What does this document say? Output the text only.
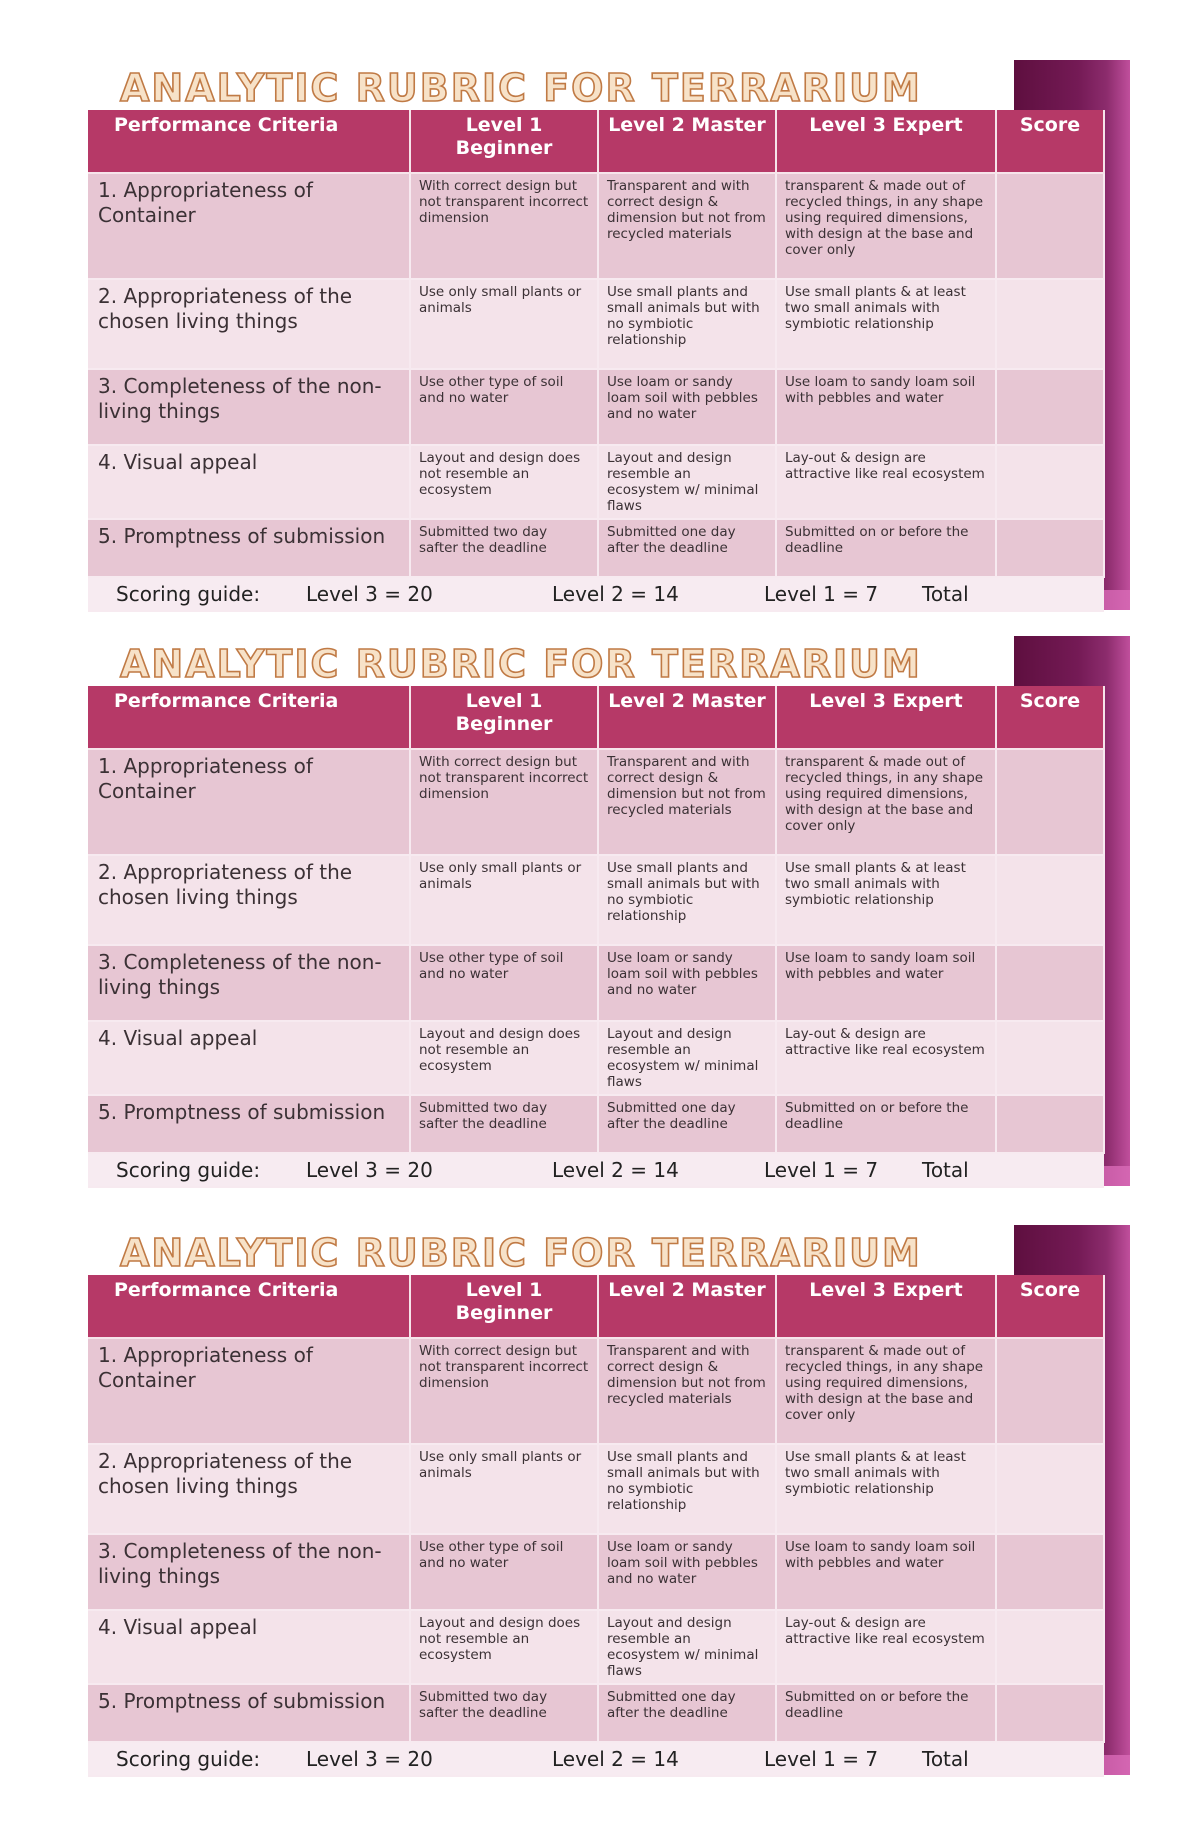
ANALYTIC RUBRIC FOR TERRARIUM
Performance Criteria	Level 1 Beginner	Level 2 Master	Level 3 Expert	Score
1. Appropriateness of Container	With correct design but not transparent incorrect dimension	Transparent and with correct design & dimension but not from recycled materials	transparent & made out of recycled things, in any shape using required dimensions, with design at the base and cover only	
2. Appropriateness of the chosen living things	Use only small plants or animals	Use small plants and small animals but with no symbiotic relationship	Use small plants & at least two small animals with symbiotic relationship	
3. Completeness of the non-living things	Use other type of soil and no water	Use loam or sandy loam soil with pebbles and no water	Use loam to sandy loam soil with pebbles and water	
4. Visual appeal	Layout and design does not resemble an ecosystem	Layout and design resemble an ecosystem w/ minimal flaws	Lay-out & design are attractive like real ecosystem	
5. Promptness of submission	Submitted two day safter the deadline	Submitted one day after the deadline	Submitted on or before the deadline	

Scoring guide: Level 3 = 20 Level 2 = 14 Level 1 = 7 Total				
ANALYTIC RUBRIC FOR TERRARIUM
Performance Criteria	Level 1 Beginner	Level 2 Master	Level 3 Expert	Score
1. Appropriateness of Container	With correct design but not transparent incorrect dimension	Transparent and with correct design & dimension but not from recycled materials	transparent & made out of recycled things, in any shape using required dimensions, with design at the base and cover only	
2. Appropriateness of the chosen living things	Use only small plants or animals	Use small plants and small animals but with no symbiotic relationship	Use small plants & at least two small animals with symbiotic relationship	
3. Completeness of the non-living things	Use other type of soil and no water	Use loam or sandy loam soil with pebbles and no water	Use loam to sandy loam soil with pebbles and water	
4. Visual appeal	Layout and design does not resemble an ecosystem	Layout and design resemble an ecosystem w/ minimal flaws	Lay-out & design are attractive like real ecosystem	
5. Promptness of submission	Submitted two day safter the deadline	Submitted one day after the deadline	Submitted on or before the deadline	

Scoring guide: Level 3 = 20 Level 2 = 14 Level 1 = 7 Total				
ANALYTIC RUBRIC FOR TERRARIUM
Performance Criteria	Level 1 Beginner	Level 2 Master	Level 3 Expert	Score
1. Appropriateness of Container	With correct design but not transparent incorrect dimension	Transparent and with correct design & dimension but not from recycled materials	transparent & made out of recycled things, in any shape using required dimensions, with design at the base and cover only	
2. Appropriateness of the chosen living things	Use only small plants or animals	Use small plants and small animals but with no symbiotic relationship	Use small plants & at least two small animals with symbiotic relationship	
3. Completeness of the non-living things	Use other type of soil and no water	Use loam or sandy loam soil with pebbles and no water	Use loam to sandy loam soil with pebbles and water	
4. Visual appeal	Layout and design does not resemble an ecosystem	Layout and design resemble an ecosystem w/ minimal flaws	Lay-out & design are attractive like real ecosystem	
5. Promptness of submission	Submitted two day safter the deadline	Submitted one day after the deadline	Submitted on or before the deadline	

Scoring guide: Level 3 = 20 Level 2 = 14 Level 1 = 7 Total				
